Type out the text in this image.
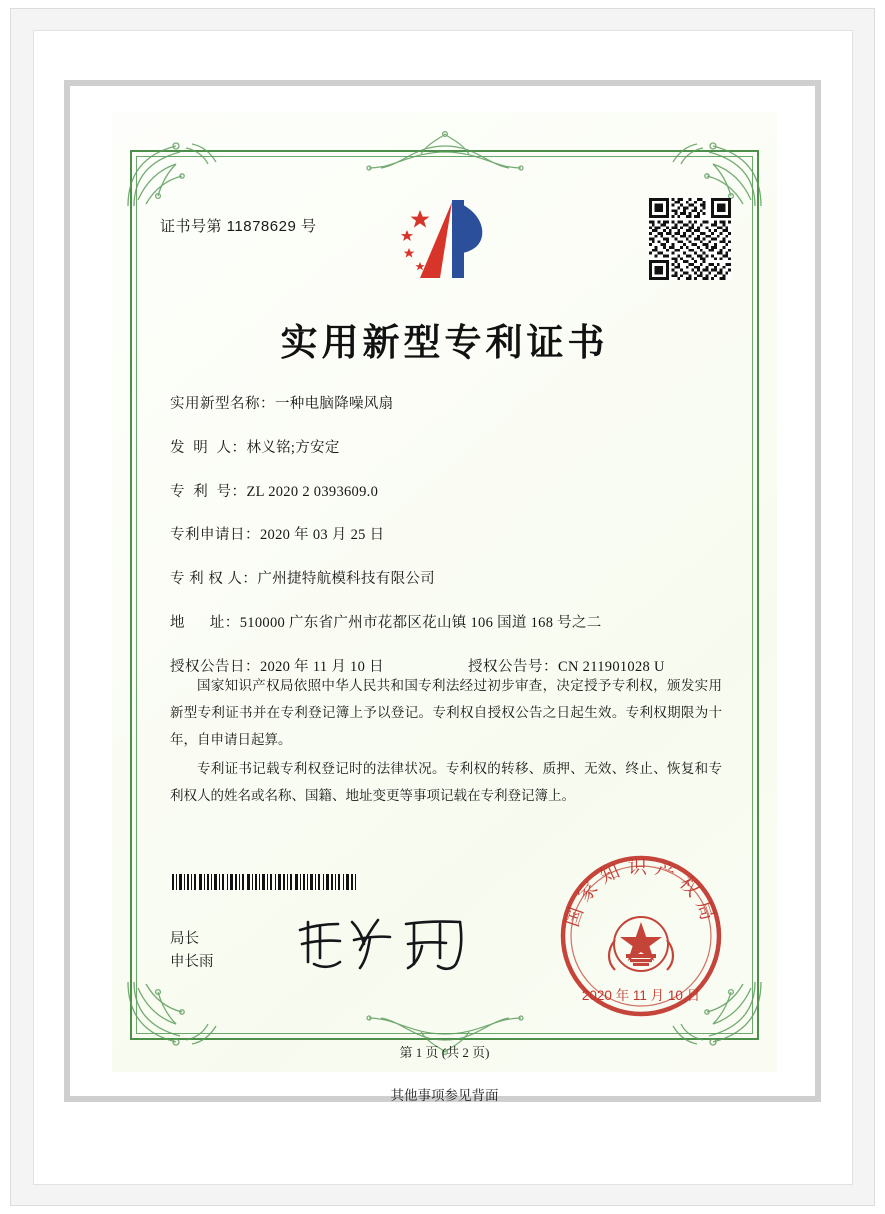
证书号第 11878629 号
实用新型专利证书
实用新型名称： 一种电脑降噪风扇
发  明  人： 林义铭;方安定
专  利  号： ZL 2020 2 0393609.0
专利申请日： 2020 年 03 月 25 日
专 利 权 人： 广州捷特航模科技有限公司
地      址： 510000 广东省广州市花都区花山镇 106 国道 168 号之二
授权公告日： 2020 年 11 月 10 日	授权公告号： CN 211901028 U

国家知识产权局依照中华人民共和国专利法经过初步审查，决定授予专利权，颁发实用新型专利证书并在专利登记簿上予以登记。专利权自授权公告之日起生效。专利权期限为十年，自申请日起算。

专利证书记载专利权登记时的法律状况。专利权的转移、质押、无效、终止、恢复和专利权人的姓名或名称、国籍、地址变更等事项记载在专利登记簿上。

局长
申长雨
国家知识产权局
2020 年 11 月 10 日
第 1 页 (共 2 页)
其他事项参见背面
